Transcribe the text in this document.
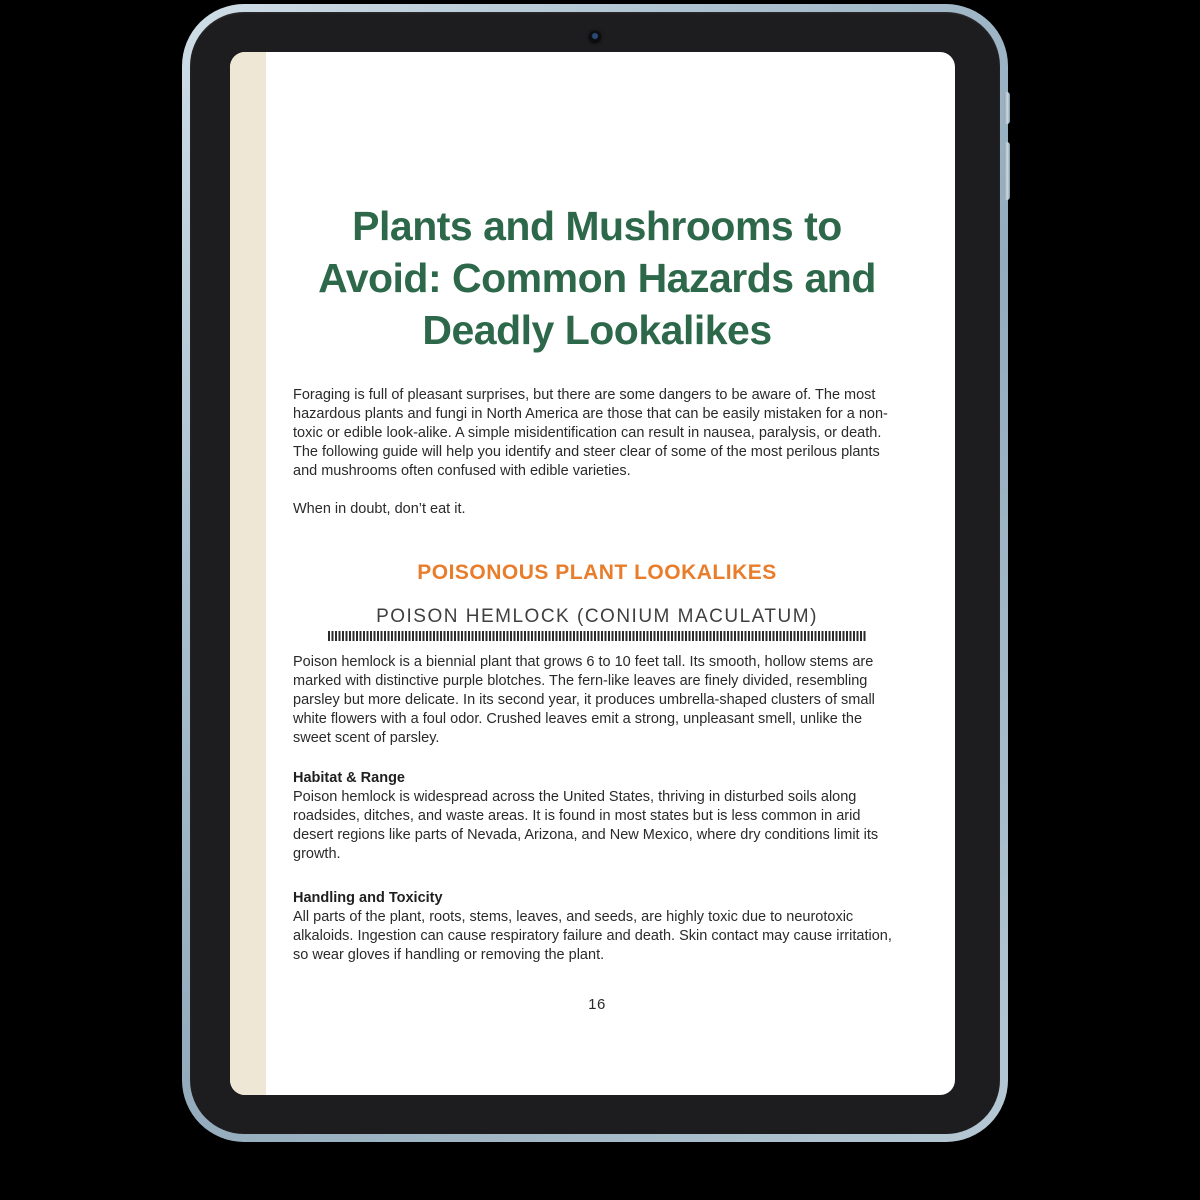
Plants and Mushrooms to Avoid: Common Hazards and Deadly Lookalikes

Foraging is full of pleasant surprises, but there are some dangers to be aware of. The most hazardous plants and fungi in North America are those that can be easily mistaken for a non-toxic or edible look-alike. A simple misidentification can result in nausea, paralysis, or death. The following guide will help you identify and steer clear of some of the most perilous plants and mushrooms often confused with edible varieties.

When in doubt, don’t eat it.

POISONOUS PLANT LOOKALIKES
POISON HEMLOCK (CONIUM MACULATUM)

Poison hemlock is a biennial plant that grows 6 to 10 feet tall. Its smooth, hollow stems are marked with distinctive purple blotches. The fern-like leaves are finely divided, resembling parsley but more delicate. In its second year, it produces umbrella-shaped clusters of small white flowers with a foul odor. Crushed leaves emit a strong, unpleasant smell, unlike the sweet scent of parsley.

Habitat & Range

Poison hemlock is widespread across the United States, thriving in disturbed soils along roadsides, ditches, and waste areas. It is found in most states but is less common in arid desert regions like parts of Nevada, Arizona, and New Mexico, where dry conditions limit its growth.

Handling and Toxicity

All parts of the plant, roots, stems, leaves, and seeds, are highly toxic due to neurotoxic alkaloids. Ingestion can cause respiratory failure and death. Skin contact may cause irritation, so wear gloves if handling or removing the plant.

16
